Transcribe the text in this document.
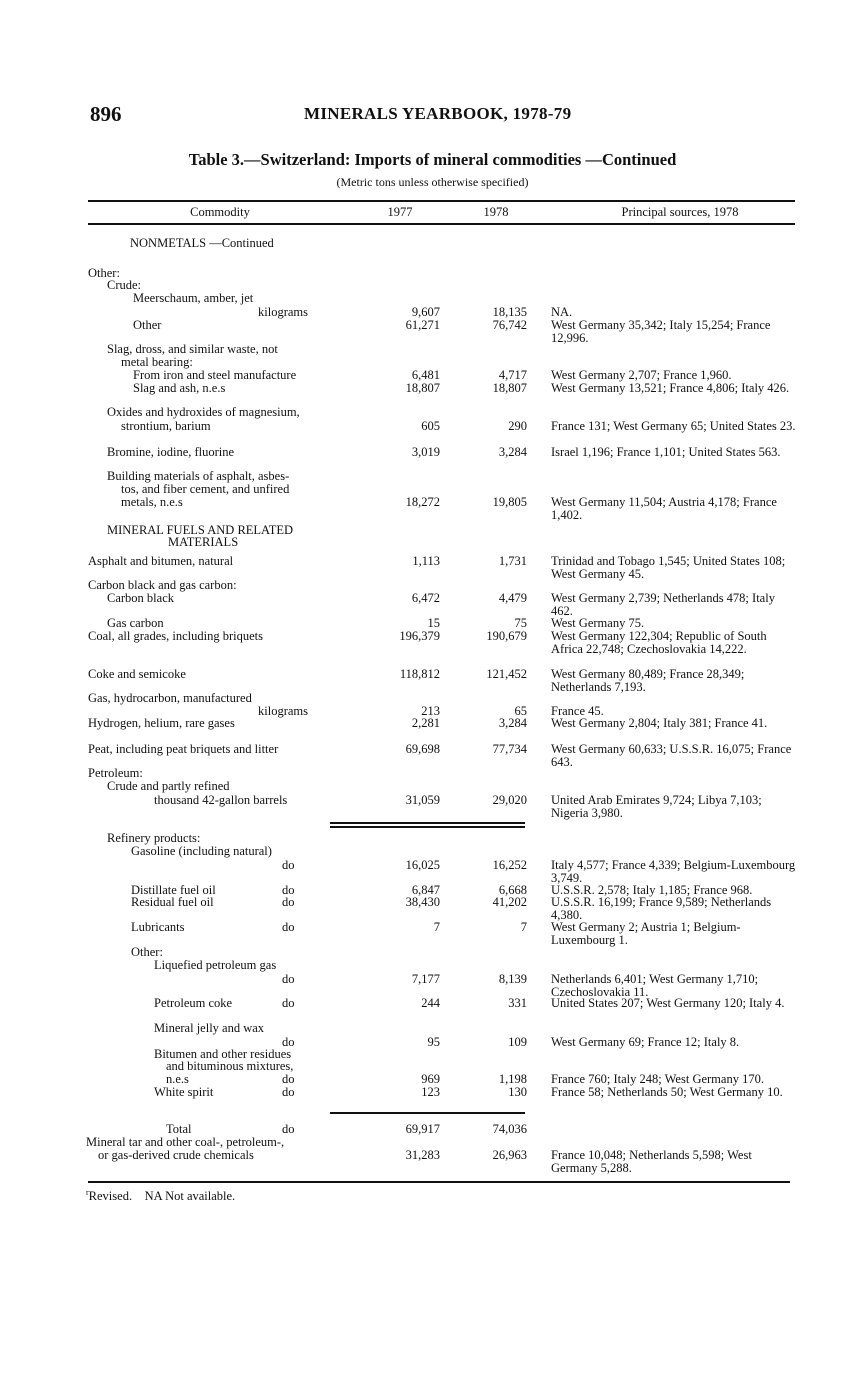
896	MINERALS YEARBOOK, 1978-79
Table 3.—Switzerland: Imports of mineral commodities —Continued
(Metric tons unless otherwise specified)
Commodity	1977	1978	Principal sources, 1978
NONMETALS —Continued
Other:
Crude:
Meerschaum, amber, jet
kilograms	9,607	18,135 NA.
Other	61,271	76,742 West Germany 35,342; Italy 15,254; France 12,996.
Slag, dross, and similar waste, not
metal bearing:
From iron and steel manufacture	6,481	4,717 West Germany 2,707; France 1,960.
Slag and ash, n.e.s	18,807	18,807 West Germany 13,521; France 4,806; Italy 426.
Oxides and hydroxides of magnesium,
strontium, barium	605	290 France 131; West Germany 65; United States 23.
Bromine, iodine, fluorine	3,019	3,284 Israel 1,196; France 1,101; United States 563.
Building materials of asphalt, asbes-
tos, and fiber cement, and unfired
metals, n.e.s	18,272	19,805 West Germany 11,504; Austria 4,178; France 1,402.
MINERAL FUELS AND RELATED
MATERIALS
Asphalt and bitumen, natural	1,113	1,731 Trinidad and Tobago 1,545; United States 108; West Germany 45.
Carbon black and gas carbon:
Carbon black	6,472	4,479 West Germany 2,739; Netherlands 478; Italy 462.
Gas carbon	15	75 West Germany 75.
Coal, all grades, including briquets	196,379	190,679 West Germany 122,304; Republic of South Africa 22,748; Czechoslovakia 14,222.
Coke and semicoke	118,812	121,452 West Germany 80,489; France 28,349; Netherlands 7,193.
Gas, hydrocarbon, manufactured
kilograms	213	65 France 45.
Hydrogen, helium, rare gases	2,281	3,284 West Germany 2,804; Italy 381; France 41.
Peat, including peat briquets and litter	69,698	77,734 West Germany 60,633; U.S.S.R. 16,075; France 643.
Petroleum:
Crude and partly refined
thousand 42-gallon barrels	31,059	29,020 United Arab Emirates 9,724; Libya 7,103; Nigeria 3,980.
Refinery products:
Gasoline (including natural)
do	16,025	16,252 Italy 4,577; France 4,339; Belgium-Luxembourg 3,749.
Distillate fuel oil	do	6,847	6,668 U.S.S.R. 2,578; Italy 1,185; France 968.
Residual fuel oil	do	38,430	41,202 U.S.S.R. 16,199; France 9,589; Netherlands 4,380.
Lubricants	do	7	7 West Germany 2; Austria 1; Belgium-Luxembourg 1.
Other:
Liquefied petroleum gas
do	7,177	8,139 Netherlands 6,401; West Germany 1,710; Czechoslovakia 11.
Petroleum coke	do	244	331 United States 207; West Germany 120; Italy 4.
Mineral jelly and wax
do	95	109 West Germany 69; France 12; Italy 8.
Bitumen and other residues
and bituminous mixtures,
n.e.s	do	969	1,198 France 760; Italy 248; West Germany 170.
White spirit	do	123	130 France 58; Netherlands 50; West Germany 10.
Total	do	69,917	74,036
Mineral tar and other coal-, petroleum-,
or gas-derived crude chemicals	31,283	26,963 France 10,048; Netherlands 5,598; West Germany 5,288.
$^r$Revised. NA Not available.
